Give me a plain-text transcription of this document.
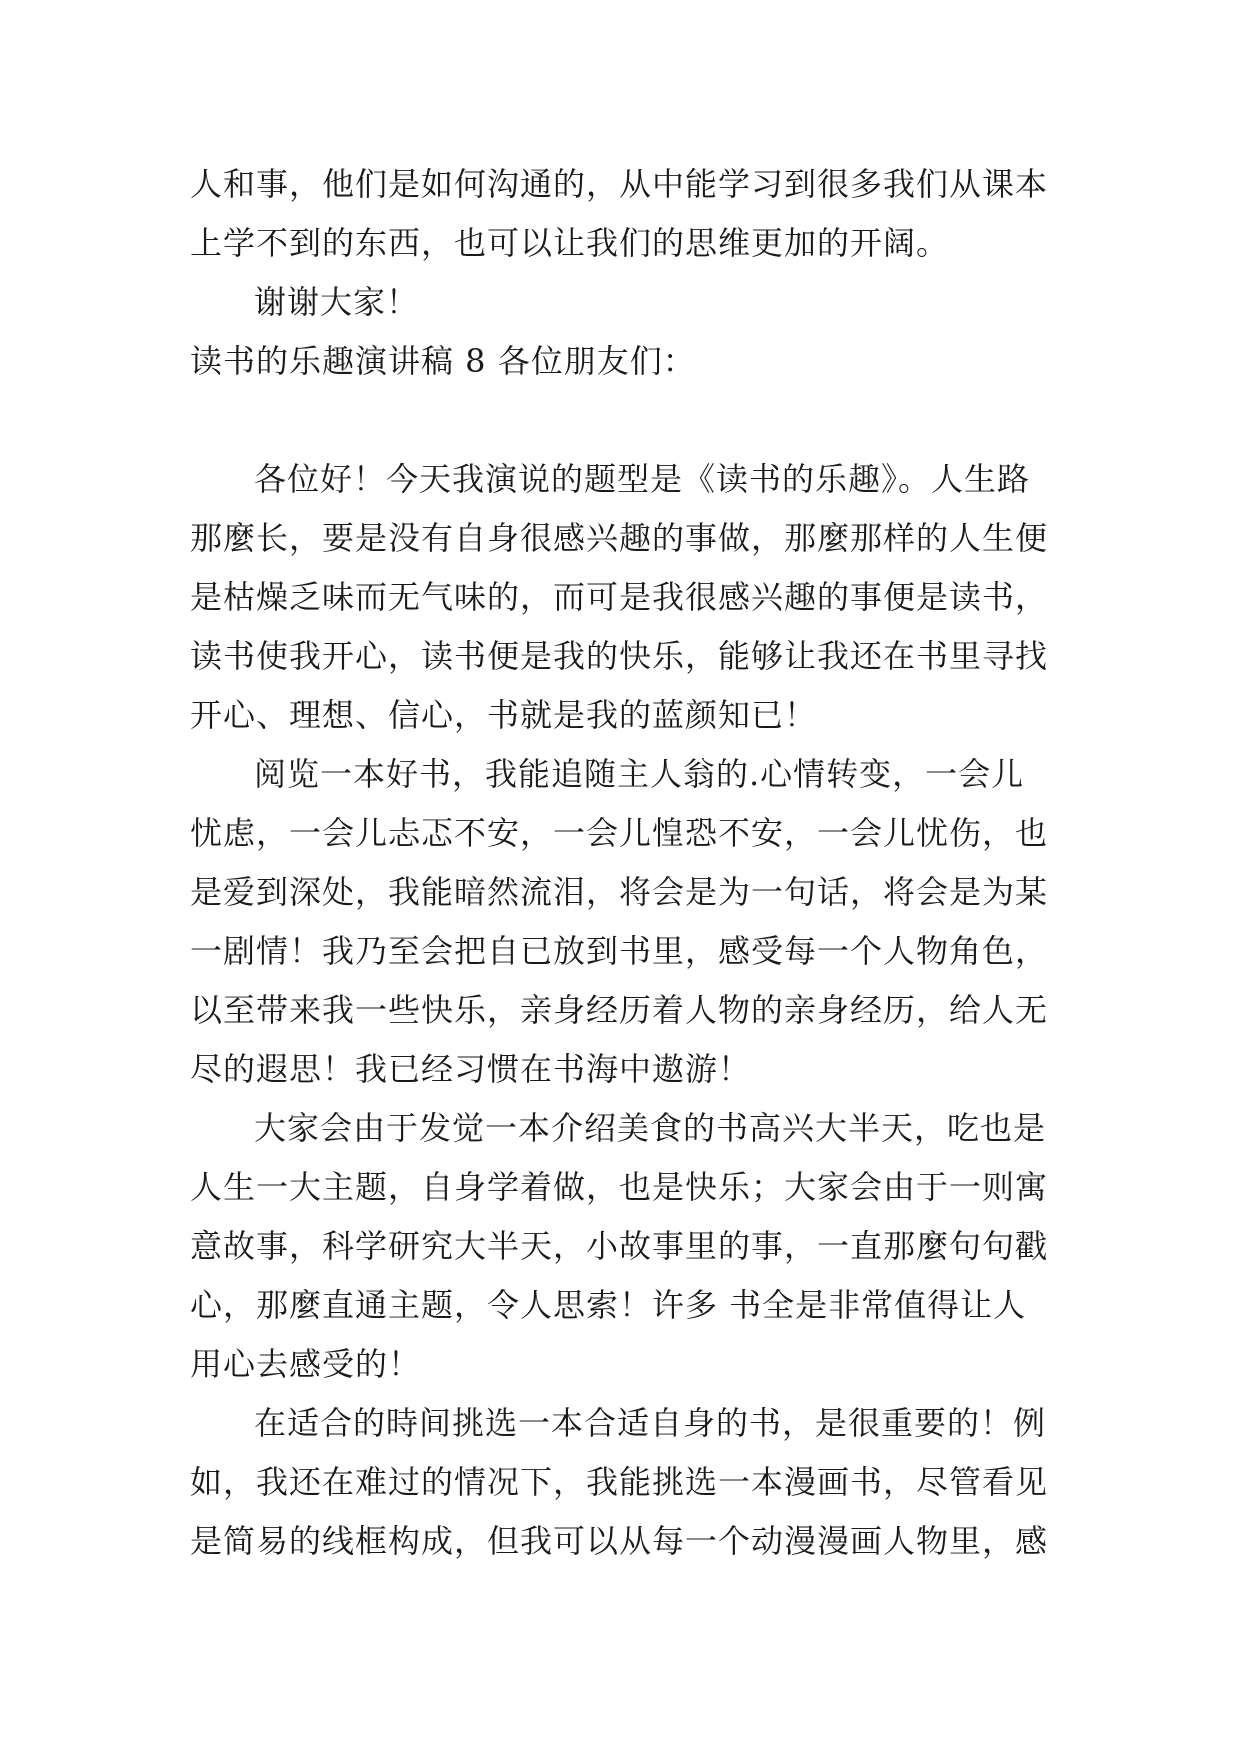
人和事，他们是如何沟通的，从中能学习到很多我们从课本
上学不到的东西，也可以让我们的思维更加的开阔。
谢谢大家！
读书的乐趣演讲稿 8 各位朋友们：
各位好！今天我演说的题型是《读书的乐趣》。人生路
那麼长，要是没有自身很感兴趣的事做，那麼那样的人生便
是枯燥乏味而无气味的，而可是我很感兴趣的事便是读书，
读书使我开心，读书便是我的快乐，能够让我还在书里寻找
开心、理想、信心，书就是我的蓝颜知已！
阅览一本好书，我能追随主人翁的.心情转变，一会儿
忧虑，一会儿忐忑不安，一会儿惶恐不安，一会儿忧伤，也
是爱到深处，我能暗然流泪，将会是为一句话，将会是为某
一剧情！我乃至会把自已放到书里，感受每一个人物角色，
以至带来我一些快乐，亲身经历着人物的亲身经历，给人无
尽的遐思！我已经习惯在书海中遨游！
大家会由于发觉一本介绍美食的书高兴大半天，吃也是
人生一大主题，自身学着做，也是快乐；大家会由于一则寓
意故事，科学研究大半天，小故事里的事，一直那麼句句戳
心，那麼直通主题，令人思索！许多 书全是非常值得让人
用心去感受的！
在适合的時间挑选一本合适自身的书，是很重要的！例
如，我还在难过的情况下，我能挑选一本漫画书，尽管看见
是简易的线框构成，但我可以从每一个动漫漫画人物里，感
